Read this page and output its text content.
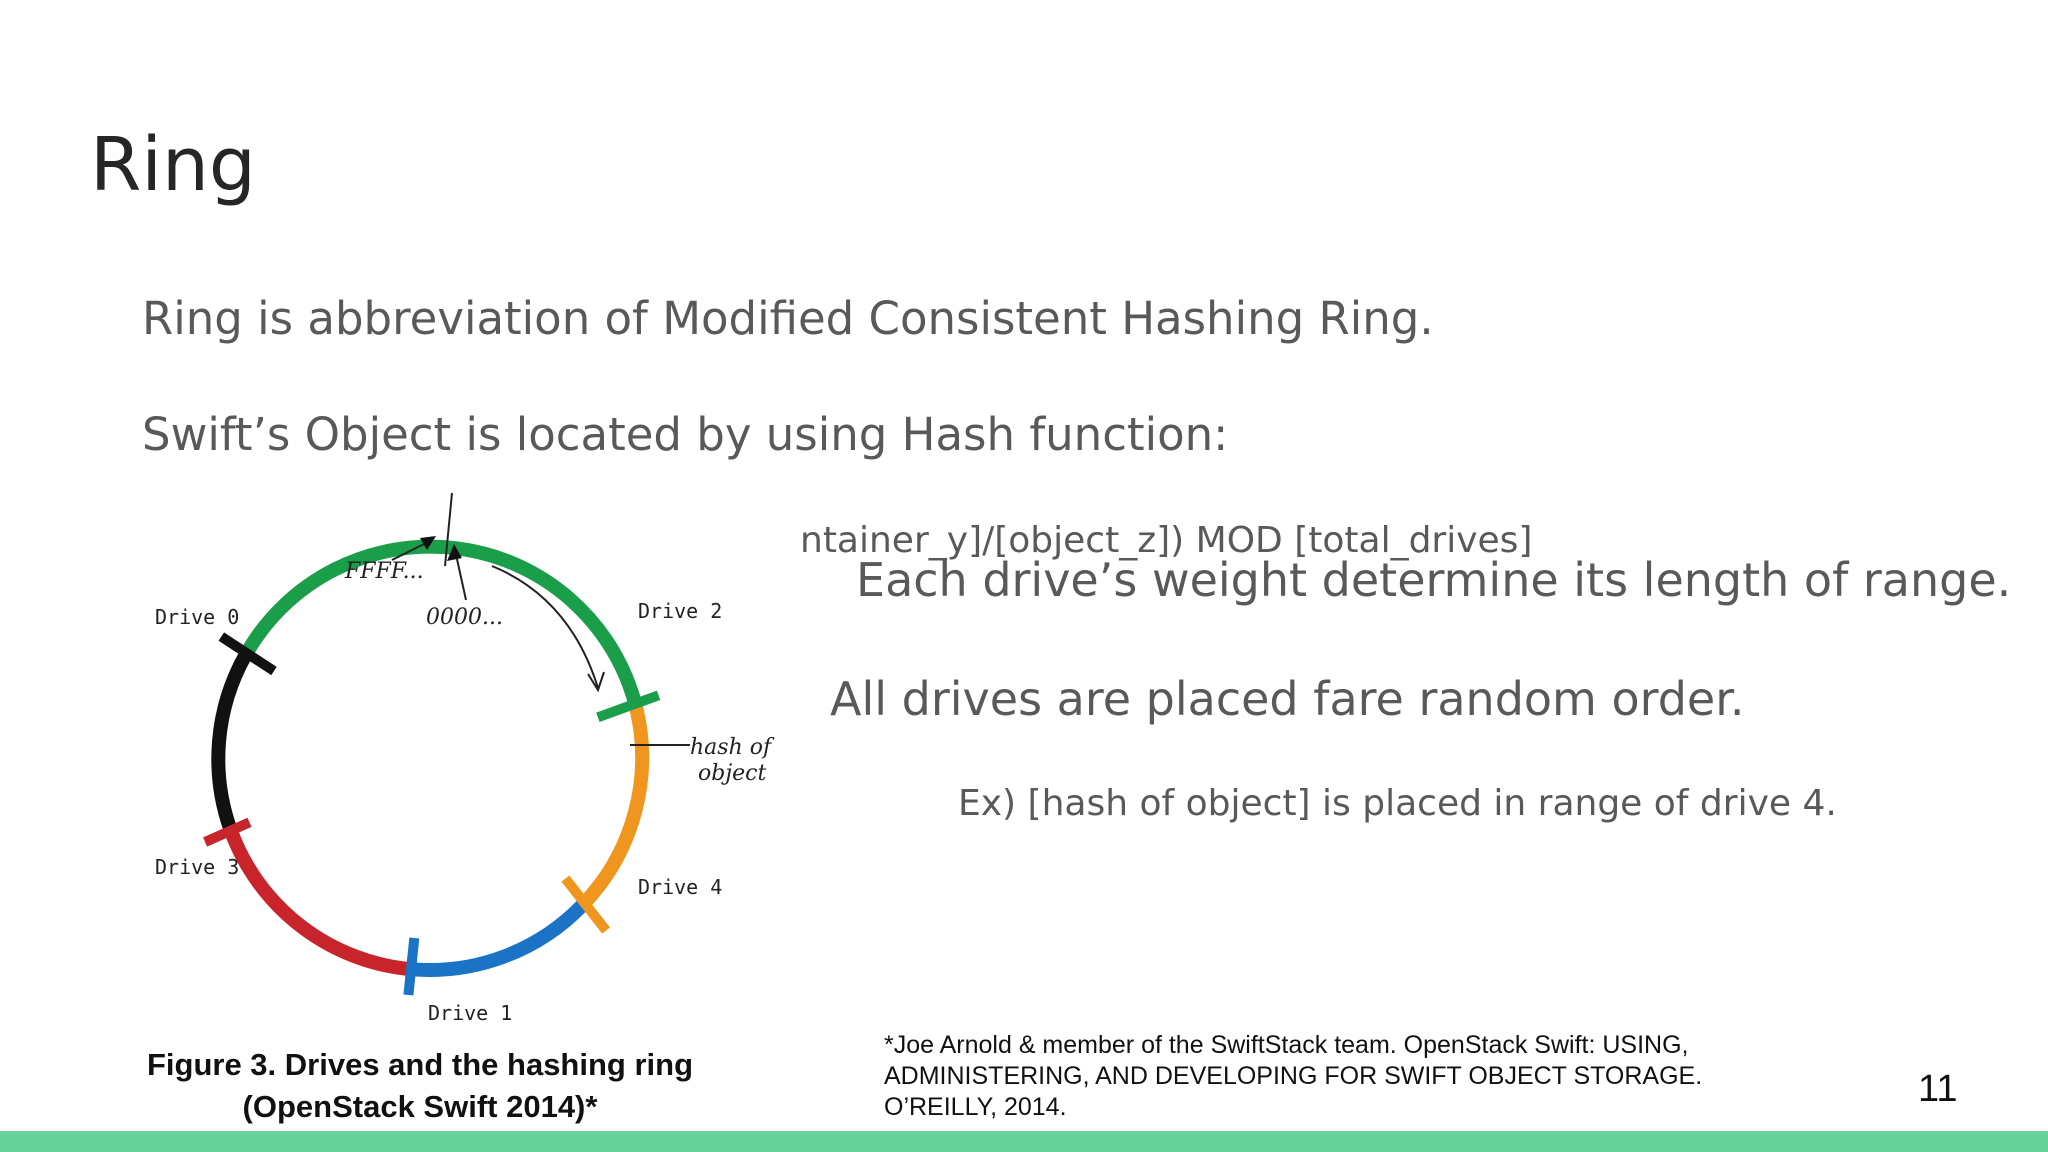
Ring

Ring is abbreviation of Modified Consistent Hashing Ring.

Swift’s Object is located by using Hash function:

ntainer_y]/[object_z]) MOD [total_drives]

Each drive’s weight determine its length of range.

All drives are placed fare random order.

Ex) [hash of object] is placed in range of drive 4.

Drive 0	Drive 2
Drive 4
Drive 1
Drive 3
FFFF...
0000...
hash of
object
Figure 3. Drives and the hashing ring
(OpenStack Swift 2014)*
*Joe Arnold & member of the SwiftStack team. OpenStack Swift: USING,
ADMINISTERING, AND DEVELOPING FOR SWIFT OBJECT STORAGE.
O’REILLY, 2014.	11
